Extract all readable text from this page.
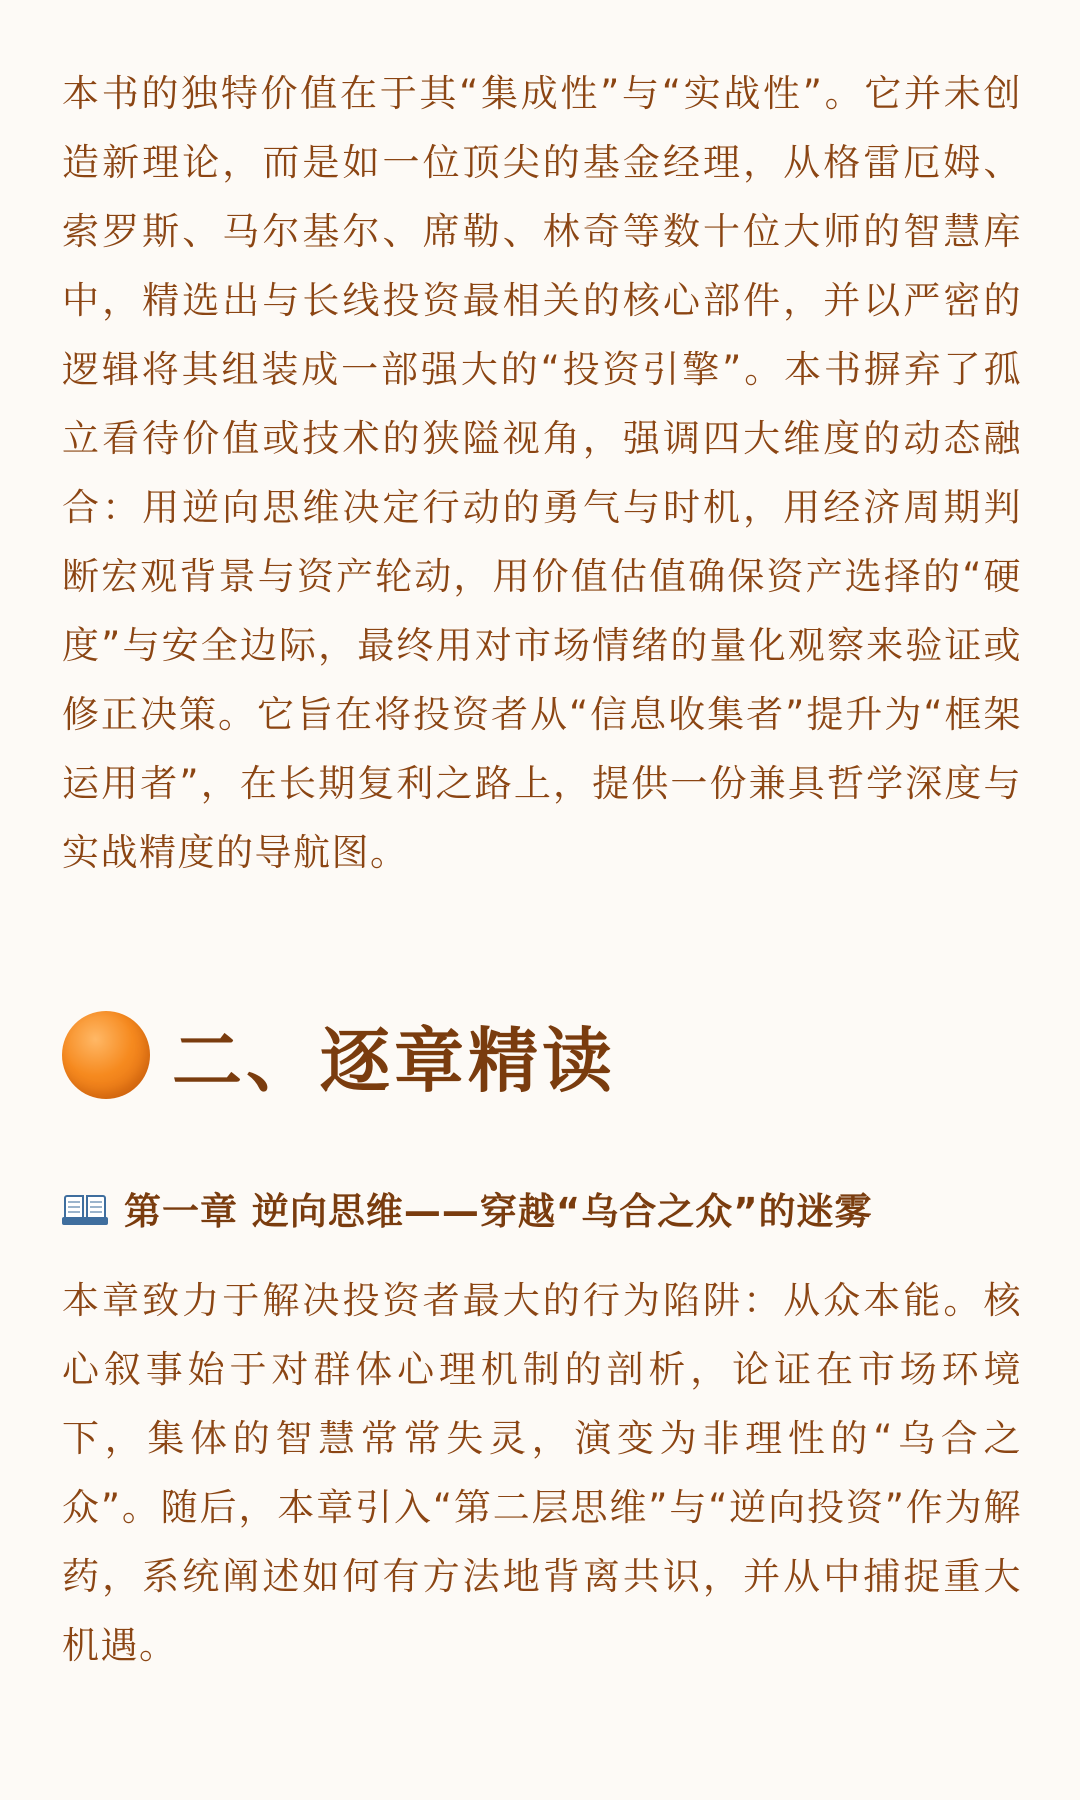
本书的独特价值在于其“集成性”与“实战性”。它并未创造新理论，而是如一位顶尖的基金经理，从格雷厄姆、索罗斯、马尔基尔、席勒、林奇等数十位大师的智慧库中，精选出与长线投资最相关的核心部件，并以严密的逻辑将其组装成一部强大的“投资引擎”。本书摒弃了孤立看待价值或技术的狭隘视角，强调四大维度的动态融合：用逆向思维决定行动的勇气与时机，用经济周期判断宏观背景与资产轮动，用价值估值确保资产选择的“硬度”与安全边际，最终用对市场情绪的量化观察来验证或修正决策。它旨在将投资者从“信息收集者”提升为“框架运用者”，在长期复利之路上，提供一份兼具哲学深度与实战精度的导航图。

二、逐章精读
第一章 逆向思维——穿越“乌合之众”的迷雾

本章致力于解决投资者最大的行为陷阱：从众本能。核心叙事始于对群体心理机制的剖析，论证在市场环境下，集体的智慧常常失灵，演变为非理性的“乌合之众”。随后，本章引入“第二层思维”与“逆向投资”作为解药，系统阐述如何有方法地背离共识，并从中捕捉重大机遇。
